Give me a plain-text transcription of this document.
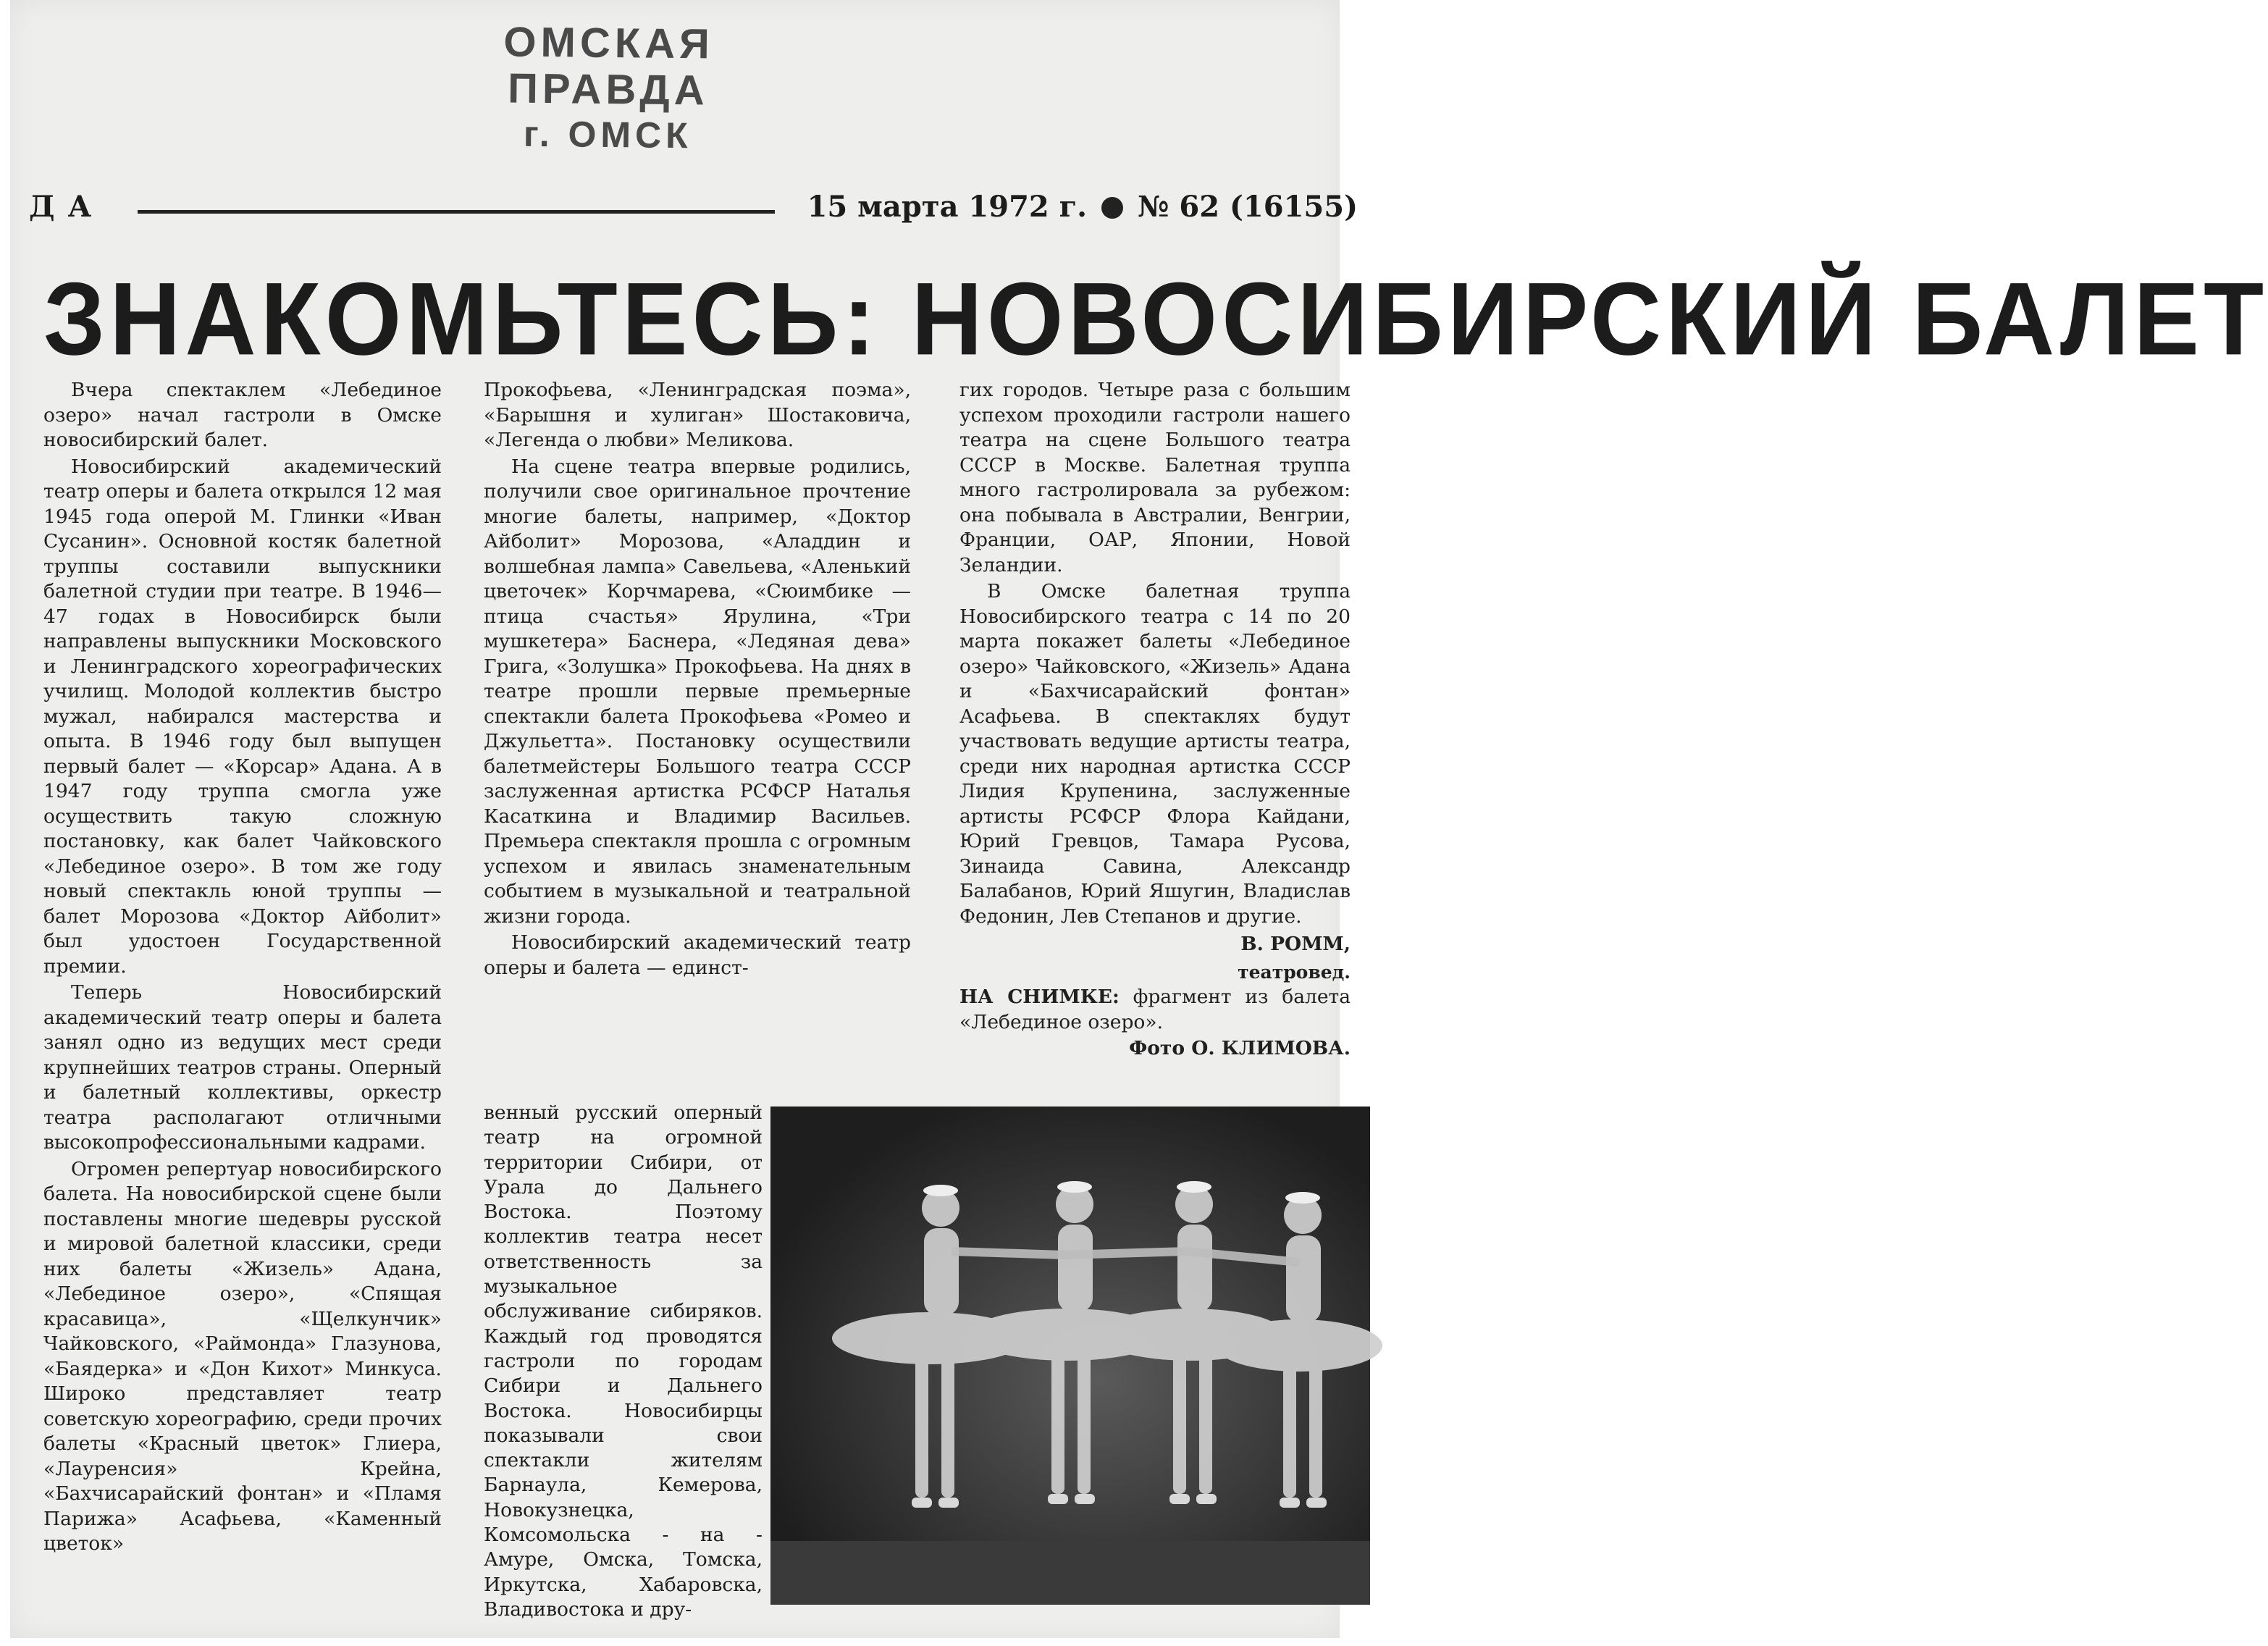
ОМСКАЯ ПРАВДА
г. ОМСК
ДА	15 марта 1972 г. № 62 (16155)
ЗНАКОМЬТЕСЬ: НОВОСИБИРСКИЙ БАЛЕТ

Вчера спектаклем «Лебединое озеро» начал гастроли в Омске новосибирский балет.

Новосибирский академический театр оперы и балета открылся 12 мая 1945 года оперой М. Глинки «Иван Сусанин». Основной костяк балетной труппы составили выпускники балетной студии при театре. В 1946—47 годах в Новосибирск были направлены выпускники Московского и Ленинградского хореографических училищ. Молодой коллектив быстро мужал, набирался мастерства и опыта. В 1946 году был выпущен первый балет — «Корсар» Адана. А в 1947 году труппа смогла уже осуществить такую сложную постановку, как балет Чайковского «Лебединое озеро». В том же году новый спектакль юной труппы — балет Морозова «Доктор Айболит» был удостоен Государственной премии.

Теперь Новосибирский академический театр оперы и балета занял одно из ведущих мест среди крупнейших театров страны. Оперный и балетный коллективы, оркестр театра располагают отличными высокопрофессиональными кадрами.

Огромен репертуар новосибирского балета. На новосибирской сцене были поставлены многие шедевры русской и мировой балетной классики, среди них балеты «Жизель» Адана, «Лебединое озеро», «Спящая красавица», «Щелкунчик» Чайковского, «Раймонда» Глазунова, «Баядерка» и «Дон Кихот» Минкуса. Широко представляет театр советскую хореографию, среди прочих балеты «Красный цветок» Глиера, «Лауренсия» Крейна, «Бахчисарайский фонтан» и «Пламя Парижа» Асафьева, «Каменный цветок»

Прокофьева, «Ленинградская поэма», «Барышня и хулиган» Шостаковича, «Легенда о любви» Меликова.

На сцене театра впервые родились, получили свое оригинальное прочтение многие балеты, например, «Доктор Айболит» Морозова, «Аладдин и волшебная лампа» Савельева, «Аленький цветочек» Корчмарева, «Сюимбике — птица счастья» Ярулина, «Три мушкетера» Баснера, «Ледяная дева» Грига, «Золушка» Прокофьева. На днях в театре прошли первые премьерные спектакли балета Прокофьева «Ромео и Джульетта». Постановку осуществили балетмейстеры Большого театра СССР заслуженная артистка РСФСР Наталья Касаткина и Владимир Васильев. Премьера спектакля прошла с огромным успехом и явилась знаменательным событием в музыкальной и театральной жизни города.

Новосибирский академический театр оперы и балета — единст-

венный русский оперный театр на огромной территории Сибири, от Урала до Дальнего Востока. Поэтому коллектив театра несет ответственность за музыкальное обслуживание сибиряков. Каждый год проводятся гастроли по городам Сибири и Дальнего Востока. Новосибирцы показывали свои спектакли жителям Барнаула, Кемерова, Новокузнецка, Комсомольска - на - Амуре, Омска, Томска, Иркутска, Хабаровска, Владивостока и дру-

гих городов. Четыре раза с большим успехом проходили гастроли нашего театра на сцене Большого театра СССР в Москве. Балетная труппа много гастролировала за рубежом: она побывала в Австралии, Венгрии, Франции, ОАР, Японии, Новой Зеландии.

В Омске балетная труппа Новосибирского театра с 14 по 20 марта покажет балеты «Лебединое озеро» Чайковского, «Жизель» Адана и «Бахчисарайский фонтан» Асафьева. В спектаклях будут участвовать ведущие артисты театра, среди них народная артистка СССР Лидия Крупенина, заслуженные артисты РСФСР Флора Кайдани, Юрий Гревцов, Тамара Русова, Зинаида Савина, Александр Балабанов, Юрий Яшугин, Владислав Федонин, Лев Степанов и другие.

В. РОММ,
театровед.

НА СНИМКЕ: фрагмент из балета «Лебединое озеро».

Фото О. КЛИМОВА.
